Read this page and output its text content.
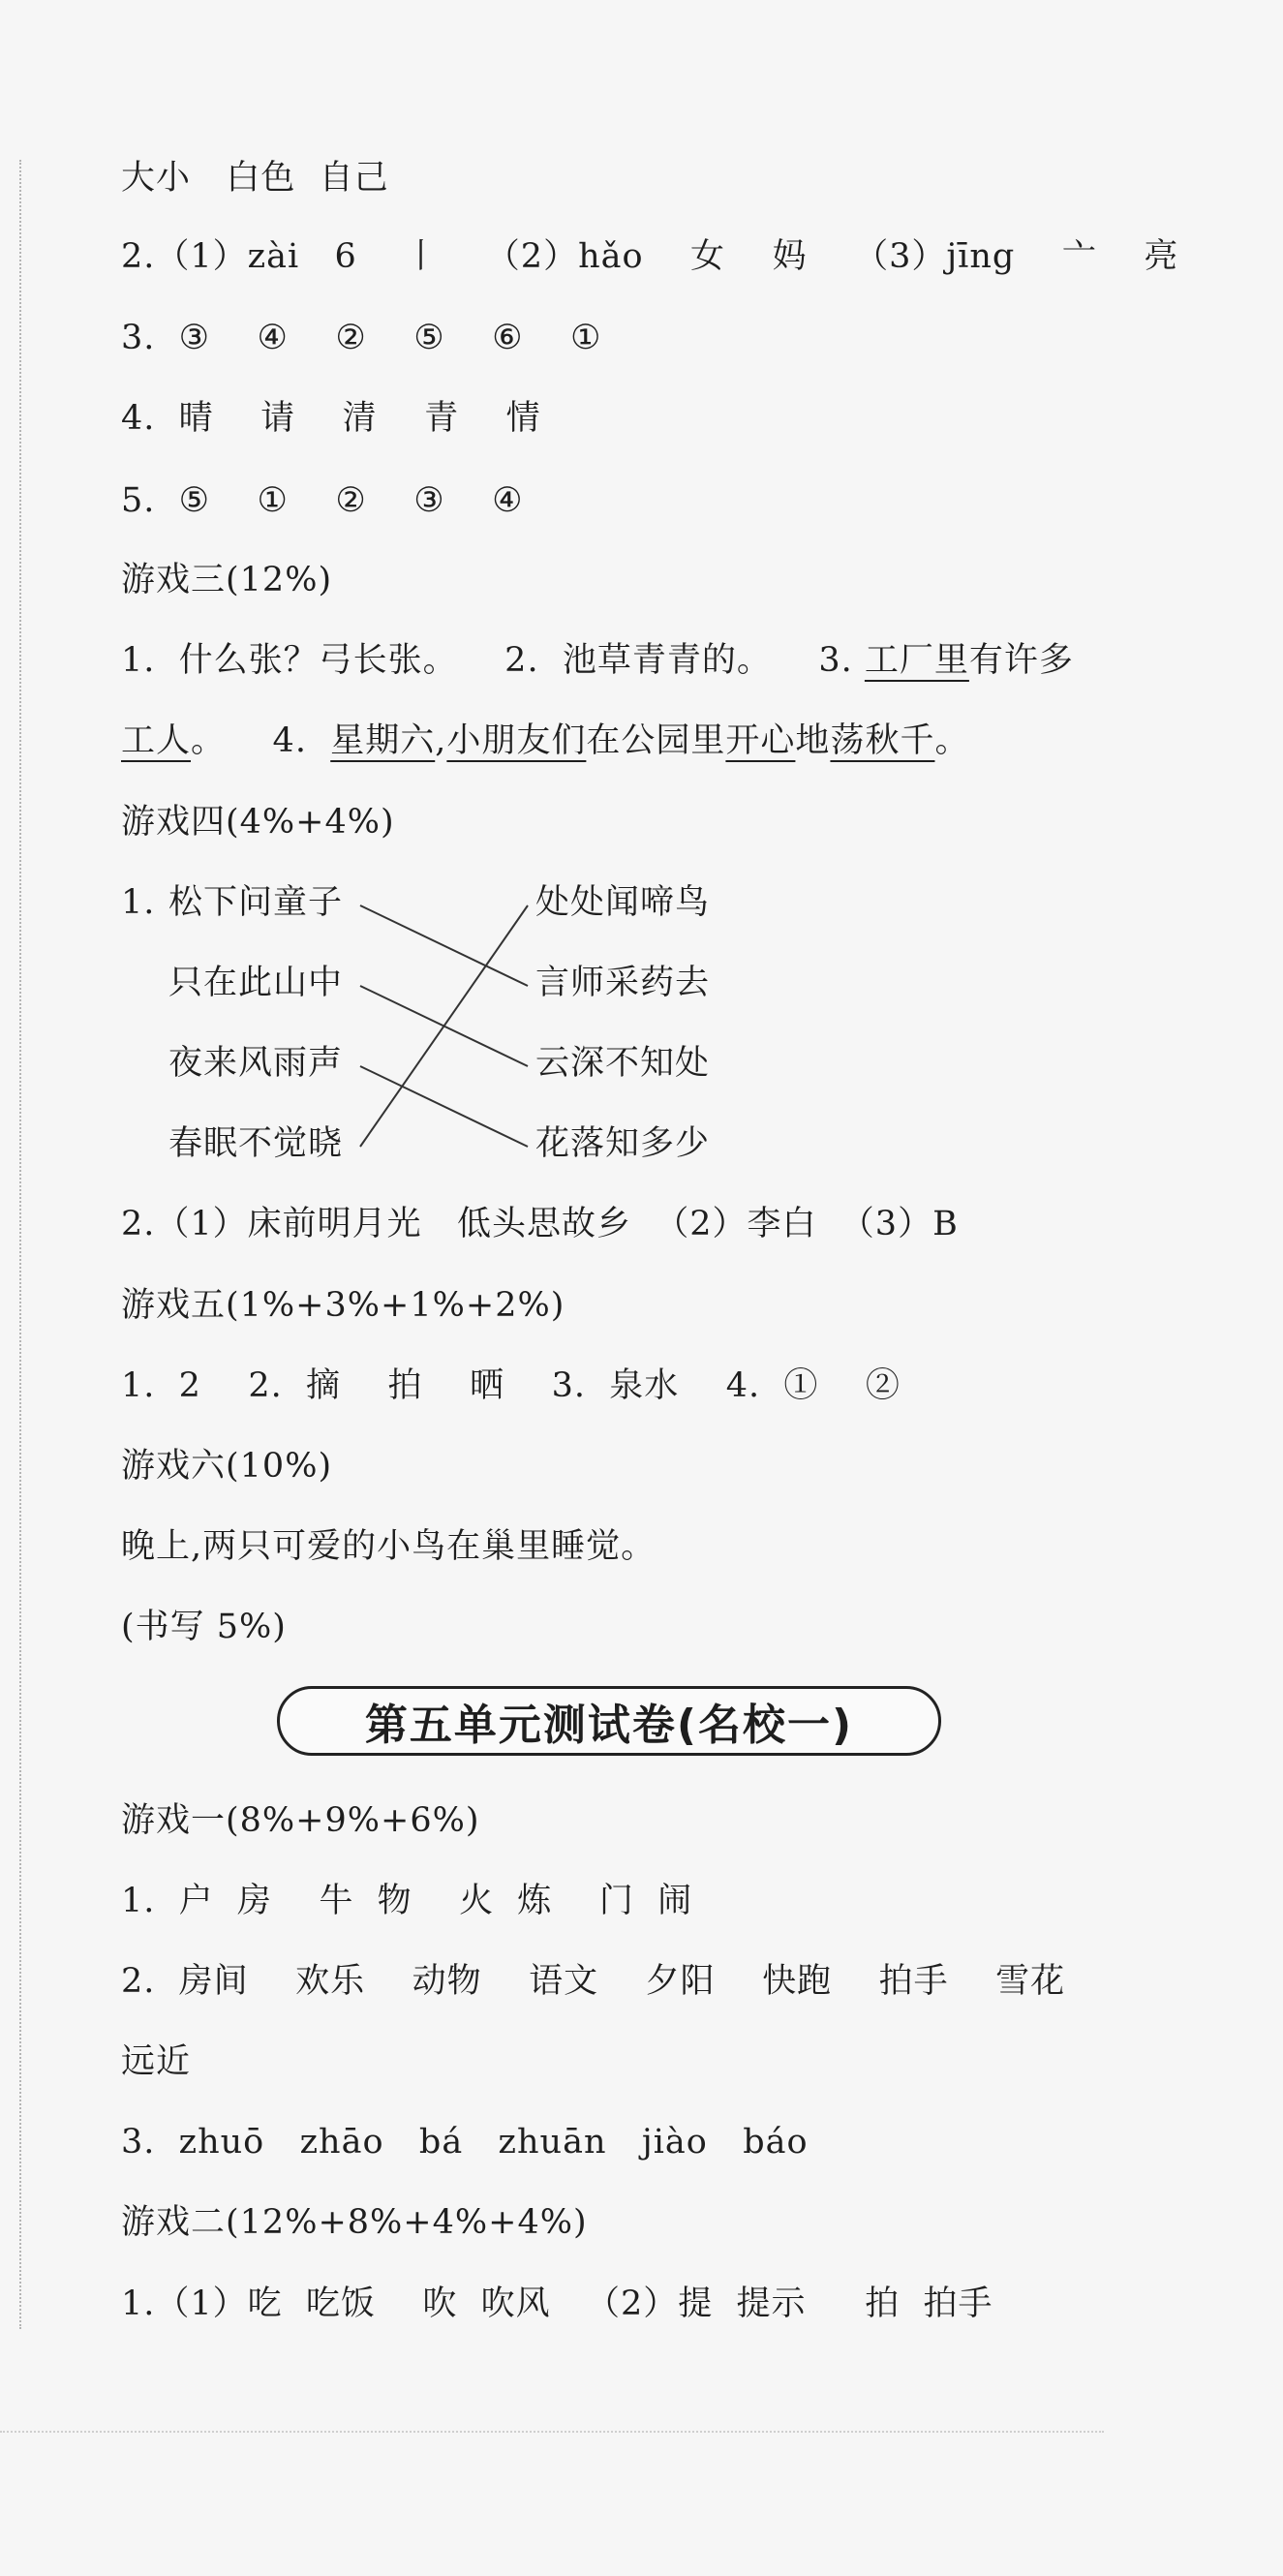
大小   白色  自己
2.（1）zài   6    丨    （2）hǎo    女    妈    （3）jīng    亠    亮
3.  ③    ④    ②    ⑤    ⑥    ①
4.  晴    请    清    青    情
5.  ⑤    ①    ②    ③    ④
游戏三(12%)
1.  什么张？弓长张。 2.  池草青青的。 3. 工厂里有许多
工人。 4. 星期六,小朋友们在公园里开心地荡秋千。
游戏四(4%+4%)
1. 松下问童子
只在此山中
夜来风雨声
春眠不觉晓
处处闻啼鸟
言师采药去
云深不知处
花落知多少
2.（1）床前明月光   低头思故乡  （2）李白  （3）B
游戏五(1%+3%+1%+2%)
1.  2    2.  摘    拍    晒    3.  泉水    4.  ①    ②
游戏六(10%)
晚上,两只可爱的小鸟在巢里睡觉。
(书写 5%)
第五单元测试卷(名校一)
游戏一(8%+9%+6%)
1.  户  房    牛  物    火  炼    门  闹
2.  房间    欢乐    动物    语文    夕阳    快跑    拍手    雪花
远近
3.  zhuō   zhāo   bá   zhuān   jiào   báo
游戏二(12%+8%+4%+4%)
1.（1）吃  吃饭    吹  吹风   （2）提  提示     拍  拍手
